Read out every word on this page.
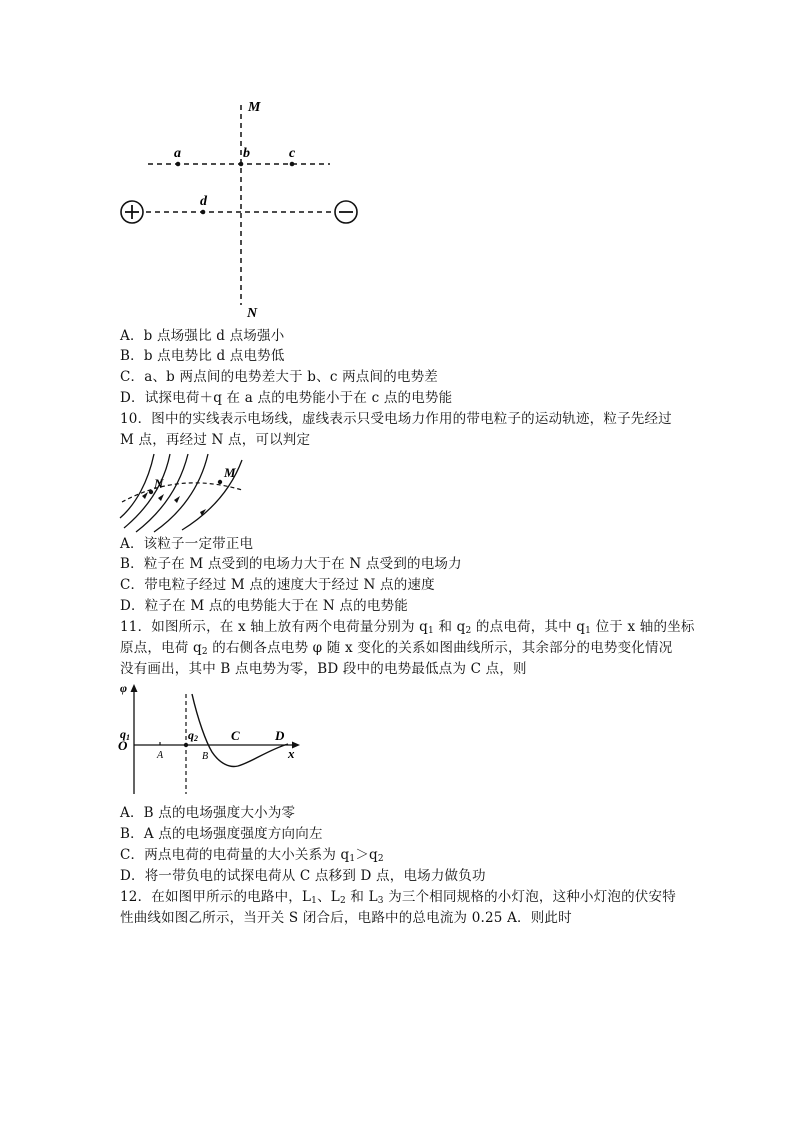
M
N
a	b	c
d
A．b 点场强比 d 点场强小
B．b 点电势比 d 点电势低
C．a、b 两点间的电势差大于 b、c 两点间的电势差
D．试探电荷＋q 在 a 点的电势能小于在 c 点的电势能
10．图中的实线表示电场线，虚线表示只受电场力作用的带电粒子的运动轨迹，粒子先经过
M 点，再经过 N 点，可以判定
N
M
A．该粒子一定带正电
B．粒子在 M 点受到的电场力大于在 N 点受到的电场力
C．带电粒子经过 M 点的速度大于经过 N 点的速度
D．粒子在 M 点的电势能大于在 N 点的电势能
11．如图所示，在 x 轴上放有两个电荷量分别为 $q_1$ 和 $q_2$ 的点电荷，其中 $q_1$ 位于 x 轴的坐标
原点，电荷 $q_2$ 的右侧各点电势 φ 随 x 变化的关系如图曲线所示，其余部分的电势变化情况
没有画出，其中 B 点电势为零，BD 段中的电势最低点为 C 点，则
φ
x
O
q1	q2
A	B
C	D
A．B 点的电场强度大小为零
B．A 点的电场强度强度方向向左
C．两点电荷的电荷量的大小关系为 $q_1>q_2$
D．将一带负电的试探电荷从 C 点移到 D 点，电场力做负功
12．在如图甲所示的电路中，$L_1$、$L_2$ 和 $L_3$ 为三个相同规格的小灯泡，这种小灯泡的伏安特
性曲线如图乙所示，当开关 S 闭合后，电路中的总电流为 0.25 A．则此时
